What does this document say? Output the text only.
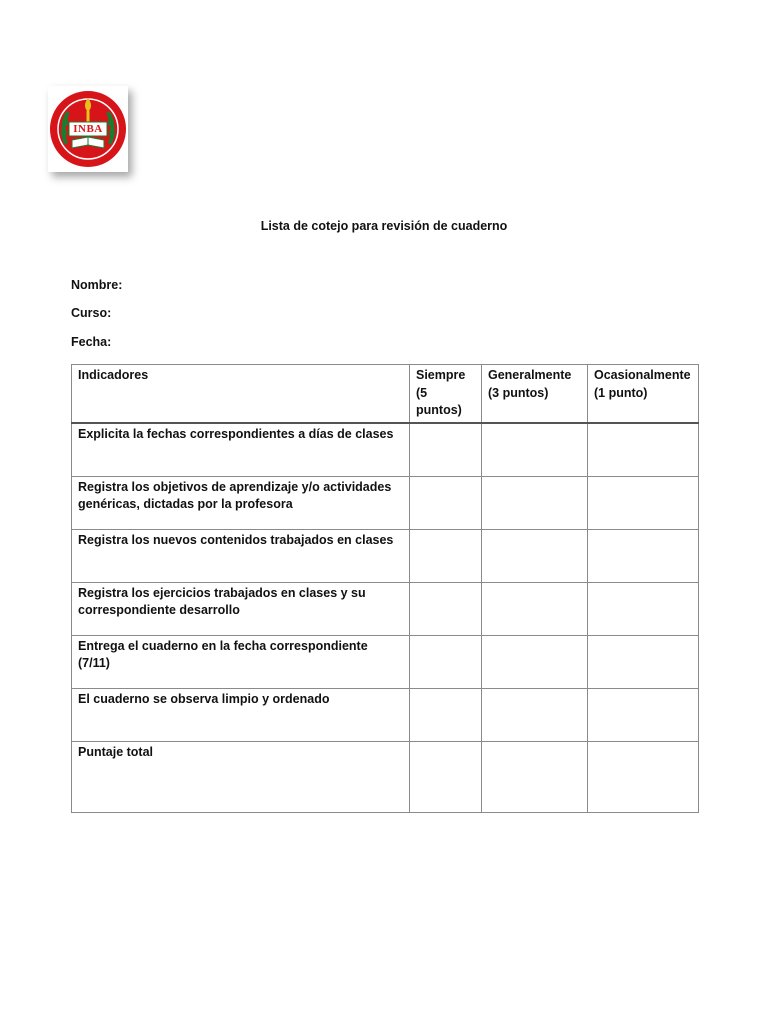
INBA
Lista de cotejo para revisión de cuaderno
Nombre:
Curso:
Fecha:
Indicadores	Siempre (5 puntos)	Generalmente (3 puntos)	Ocasionalmente (1 punto)
Explicita la fechas correspondientes a días de clases			
Registra los objetivos de aprendizaje y/o actividades genéricas, dictadas por la profesora			
Registra los nuevos contenidos trabajados en clases			
Registra los ejercicios trabajados en clases y su correspondiente desarrollo			
Entrega el cuaderno en la fecha correspondiente (7/11)			
El cuaderno se observa limpio y ordenado			
Puntaje total			
